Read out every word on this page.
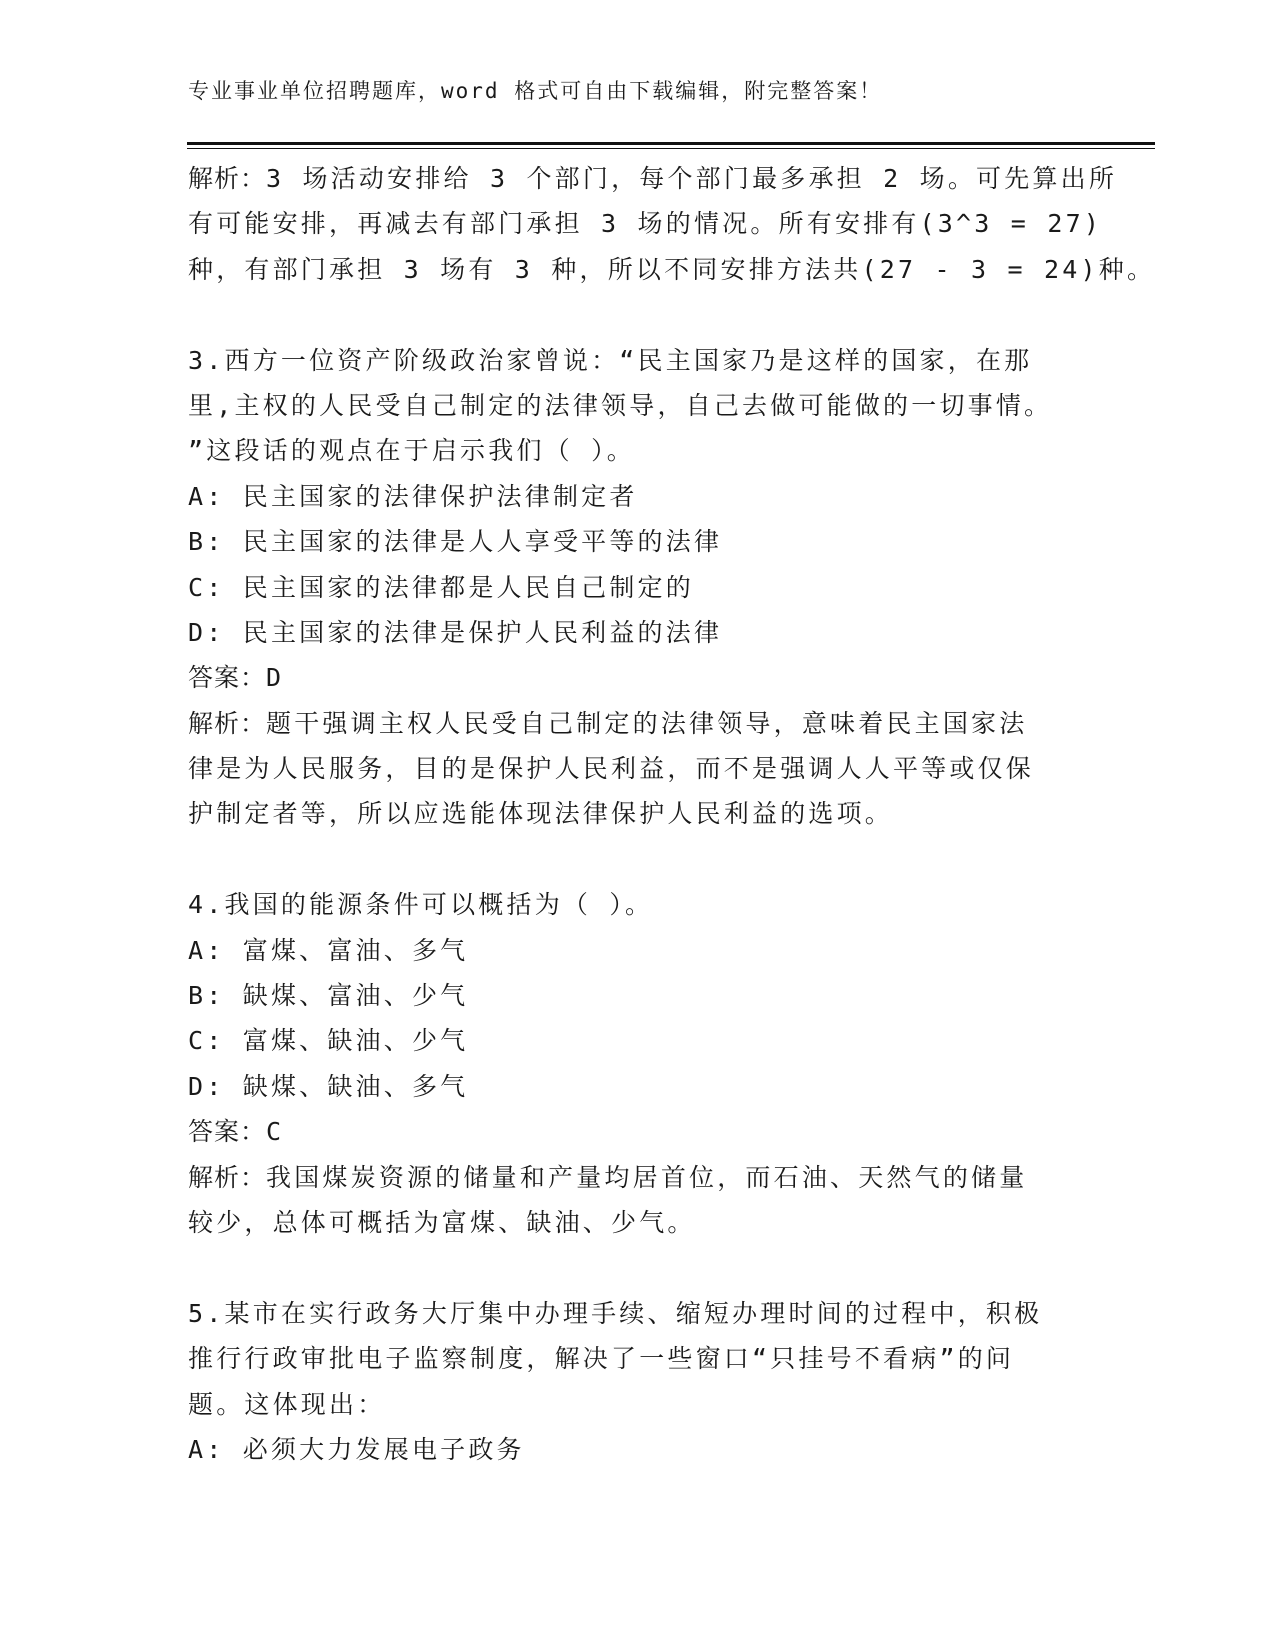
专业事业单位招聘题库，word 格式可自由下载编辑，附完整答案！
解析：3 场活动安排给 3 个部门，每个部门最多承担 2 场。可先算出所
有可能安排，再减去有部门承担 3 场的情况。所有安排有(3^3 = 27)
种，有部门承担 3 场有 3 种，所以不同安排方法共(27 - 3 = 24)种。
3.西方一位资产阶级政治家曾说：“民主国家乃是这样的国家，在那
里,主权的人民受自己制定的法律领导，自己去做可能做的一切事情。
”这段话的观点在于启示我们（ ）。
A: 民主国家的法律保护法律制定者
B: 民主国家的法律是人人享受平等的法律
C: 民主国家的法律都是人民自己制定的
D: 民主国家的法律是保护人民利益的法律
答案：D
解析：题干强调主权人民受自己制定的法律领导，意味着民主国家法
律是为人民服务，目的是保护人民利益，而不是强调人人平等或仅保
护制定者等，所以应选能体现法律保护人民利益的选项。
4.我国的能源条件可以概括为（ ）。
A: 富煤、富油、多气
B: 缺煤、富油、少气
C: 富煤、缺油、少气
D: 缺煤、缺油、多气
答案：C
解析：我国煤炭资源的储量和产量均居首位，而石油、天然气的储量
较少，总体可概括为富煤、缺油、少气。
5.某市在实行政务大厅集中办理手续、缩短办理时间的过程中，积极
推行行政审批电子监察制度，解决了一些窗口“只挂号不看病”的问
题。这体现出：
A: 必须大力发展电子政务
